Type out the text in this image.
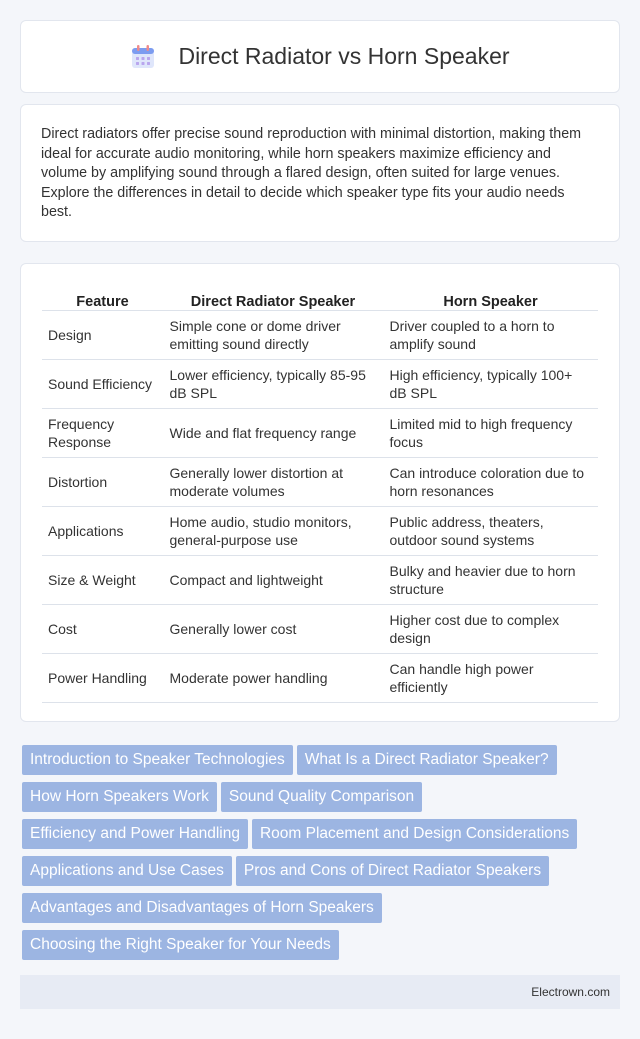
Direct Radiator vs Horn Speaker

Direct radiators offer precise sound reproduction with minimal distortion, making them ideal for accurate audio monitoring, while horn speakers maximize efficiency and volume by amplifying sound through a flared design, often suited for large venues. Explore the differences in detail to decide which speaker type fits your audio needs best.

Feature	Direct Radiator Speaker	Horn Speaker
Design	Simple cone or dome driver emitting sound directly	Driver coupled to a horn to amplify sound
Sound Efficiency	Lower efficiency, typically 85-95 dB SPL	High efficiency, typically 100+ dB SPL
Frequency Response	Wide and flat frequency range	Limited mid to high frequency focus
Distortion	Generally lower distortion at moderate volumes	Can introduce coloration due to horn resonances
Applications	Home audio, studio monitors, general-purpose use	Public address, theaters, outdoor sound systems
Size & Weight	Compact and lightweight	Bulky and heavier due to horn structure
Cost	Generally lower cost	Higher cost due to complex design
Power Handling	Moderate power handling	Can handle high power efficiently
Introduction to Speaker Technologies What Is a Direct Radiator Speaker?
How Horn Speakers Work Sound Quality Comparison
Efficiency and Power Handling Room Placement and Design Considerations
Applications and Use Cases Pros and Cons of Direct Radiator Speakers
Advantages and Disadvantages of Horn Speakers
Choosing the Right Speaker for Your Needs
Electrown.com
